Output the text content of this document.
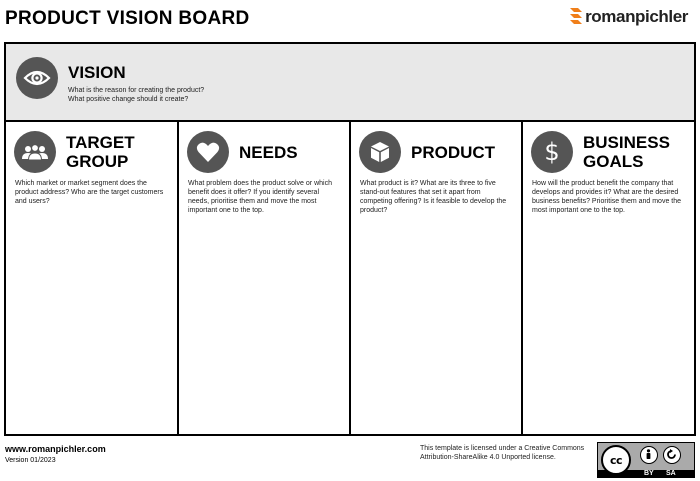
PRODUCT VISION BOARD	romanpichler
VISION
What is the reason for creating the product?
What positive change should it create?
TARGET
GROUP
Which market or market segment does the product address? Who are the target customers and users?
NEEDS
What problem does the product solve or which benefit does it offer? If you identify several needs, prioritise them and move the most important one to the top.
PRODUCT
What product is it? What are its three to five stand-out features that set it apart from competing offering? Is it feasible to develop the product?
$ BUSINESS
GOALS
How will the product benefit the company that develops and provides it? What are the desired business benefits? Prioritise them and move the most important one to the top.
www.romanpichler.com
Version 01/2023
This template is licensed under a Creative Commons
Attribution-ShareAlike 4.0 Unported license.	cc
BY SA
